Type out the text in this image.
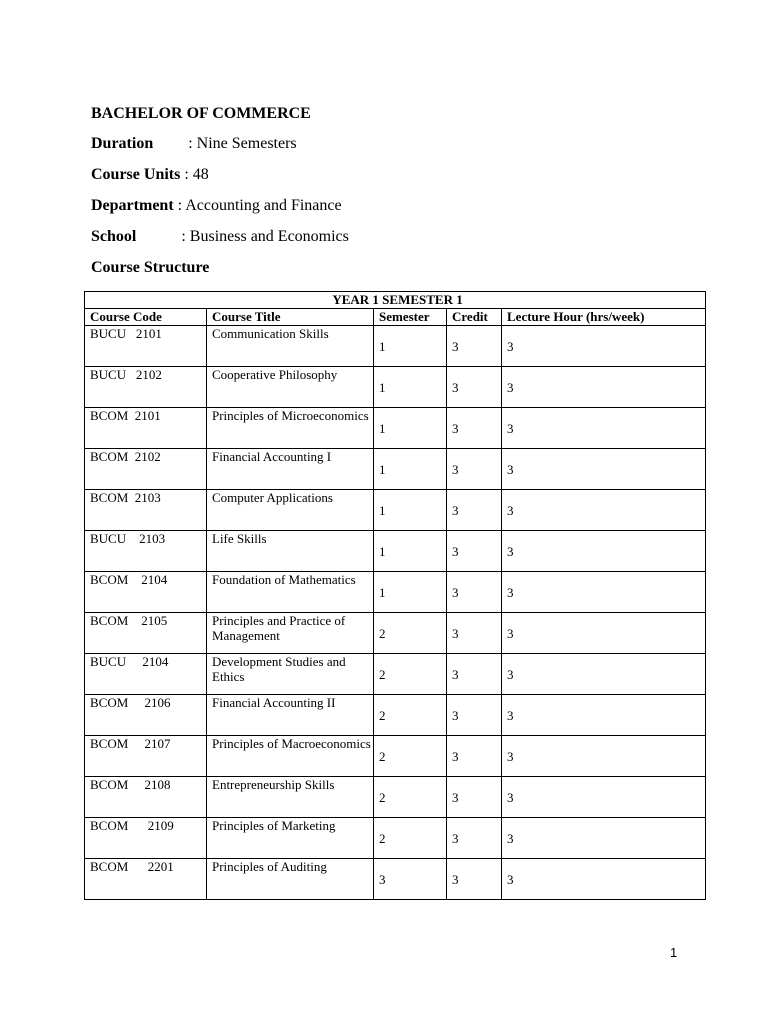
BACHELOR OF COMMERCE
Duration : Nine Semesters
Course Units : 48
Department : Accounting and Finance
School	: Business and Economics
Course Structure
YEAR 1 SEMESTER 1				
Course Code	Course Title	Semester	Credit	Lecture Hour (hrs/week)
BUCU   2101	Communication Skills	1	3	3
BUCU   2102	Cooperative Philosophy	1	3	3
BCOM  2101	Principles of Microeconomics	1	3	3
BCOM  2102	Financial Accounting I	1	3	3
BCOM  2103	Computer Applications	1	3	3
BUCU    2103	Life Skills	1	3	3
BCOM    2104	Foundation of Mathematics	1	3	3
BCOM    2105	Principles and Practice of Management	2	3	3
BUCU     2104	Development Studies and Ethics	2	3	3
BCOM     2106	Financial Accounting II	2	3	3
BCOM     2107	Principles of Macroeconomics	2	3	3
BCOM     2108	Entrepreneurship Skills	2	3	3
BCOM      2109	Principles of Marketing	2	3	3
BCOM      2201	Principles of Auditing	3	3	3
1
